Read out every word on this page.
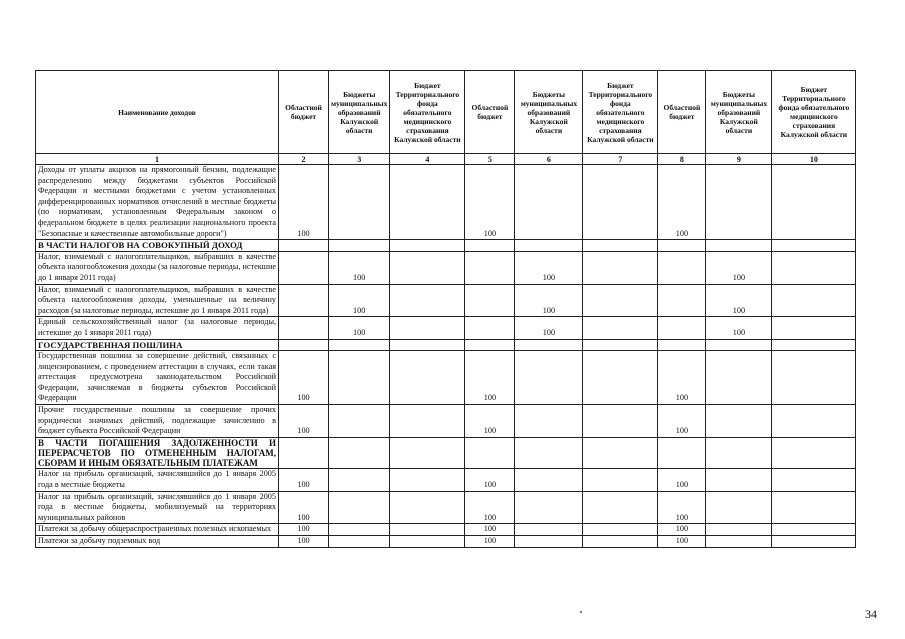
Наименование доходов	Областной бюджет	Бюджеты муниципальных образований Калужской области	Бюджет Территориального фонда обязательного медицинского страхования Калужской области	Областной бюджет	Бюджеты муниципальных образований Калужской области	Бюджет Территориального фонда обязательного медицинского страхования Калужской области	Областной бюджет	Бюджеты муниципальных образований Калужской области	Бюджет Территориального фонда обязательного медицинского страхования Калужской области
1	2	3	4	5	6	7	8	9	10
Доходы от уплаты акцизов на прямогонный бензин, подлежащие распределению между бюджетами субъектов Российской Федерации и местными бюджетами с учетом установленных дифференцированных нормативов отчислений в местные бюджеты (по нормативам, установленным Федеральным законом о федеральном бюджете в целях реализации национального проекта "Безопасные и качественные автомобильные дороги")	100			100			100		
В ЧАСТИ НАЛОГОВ НА СОВОКУПНЫЙ ДОХОД									
Налог, взимаемый с налогоплательщиков, выбравших в качестве объекта налогообложения доходы (за налоговые периоды, истекшие до 1 января 2011 года)		100			100			100	
Налог, взимаемый с налогоплательщиков, выбравших в качестве объекта налогообложения доходы, уменьшенные на величину расходов (за налоговые периоды, истекшие до 1 января 2011 года)		100			100			100	
Единый сельскохозяйственный налог (за налоговые периоды, истекшие до 1 января 2011 года)		100			100			100	
ГОСУДАРСТВЕННАЯ ПОШЛИНА									
Государственная пошлина за совершение действий, связанных с лицензированием, с проведением аттестации в случаях, если такая аттестация предусмотрена законодательством Российской Федерации, зачисляемая в бюджеты субъектов Российской Федерации	100			100			100		
Прочие государственные пошлины за совершение прочих юридически значимых действий, подлежащие зачислению в бюджет субъекта Российской Федерации	100			100			100		
В ЧАСТИ ПОГАШЕНИЯ ЗАДОЛЖЕННОСТИ И ПЕРЕРАСЧЕТОВ ПО ОТМЕНЕННЫМ НАЛОГАМ, СБОРАМ И ИНЫМ ОБЯЗАТЕЛЬНЫМ ПЛАТЕЖАМ									
Налог на прибыль организаций, зачислявшийся до 1 января 2005 года в местные бюджеты	100			100			100		
Налог на прибыль организаций, зачислявшийся до 1 января 2005 года в местные бюджеты, мобилизуемый на территориях муниципальных районов	100			100			100		
Платежи за добычу общераспространенных полезных ископаемых	100			100			100		
Платежи за добычу подземных вод	100			100			100		
34
